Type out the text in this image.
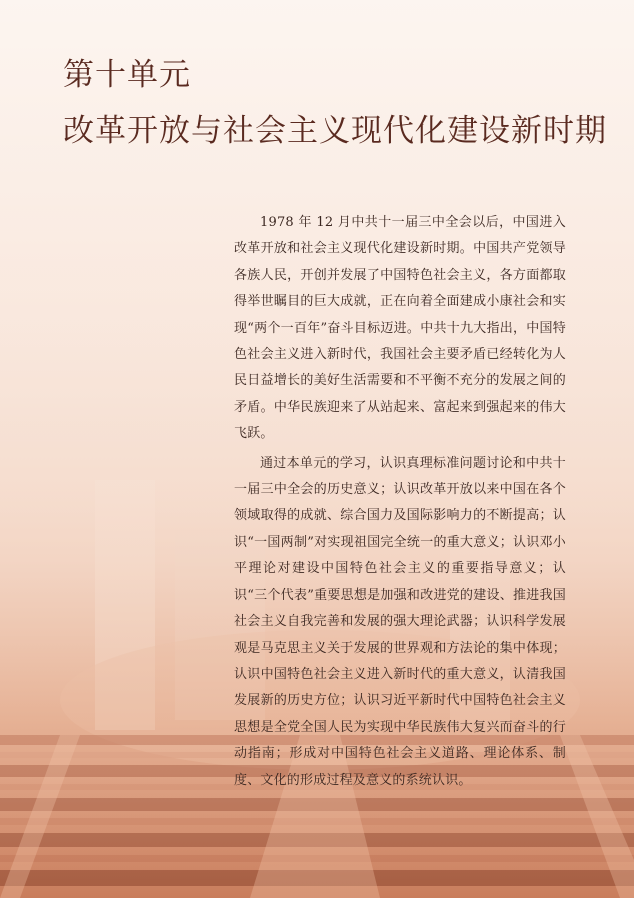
第十单元
改革开放与社会主义现代化建设新时期

1978 年 12 月中共十一届三中全会以后，中国进入改革开放和社会主义现代化建设新时期。中国共产党领导各族人民，开创并发展了中国特色社会主义，各方面都取得举世瞩目的巨大成就，正在向着全面建成小康社会和实现“两个一百年”奋斗目标迈进。中共十九大指出，中国特色社会主义进入新时代，我国社会主要矛盾已经转化为人民日益增长的美好生活需要和不平衡不充分的发展之间的矛盾。中华民族迎来了从站起来、富起来到强起来的伟大飞跃。

通过本单元的学习，认识真理标准问题讨论和中共十一届三中全会的历史意义；认识改革开放以来中国在各个领域取得的成就、综合国力及国际影响力的不断提高；认识“一国两制”对实现祖国完全统一的重大意义；认识邓小平理论对建设中国特色社会主义的重要指导意义；认识“三个代表”重要思想是加强和改进党的建设、推进我国社会主义自我完善和发展的强大理论武器；认识科学发展观是马克思主义关于发展的世界观和方法论的集中体现；认识中国特色社会主义进入新时代的重大意义，认清我国发展新的历史方位；认识习近平新时代中国特色社会主义思想是全党全国人民为实现中华民族伟大复兴而奋斗的行动指南；形成对中国特色社会主义道路、理论体系、制度、文化的形成过程及意义的系统认识。
